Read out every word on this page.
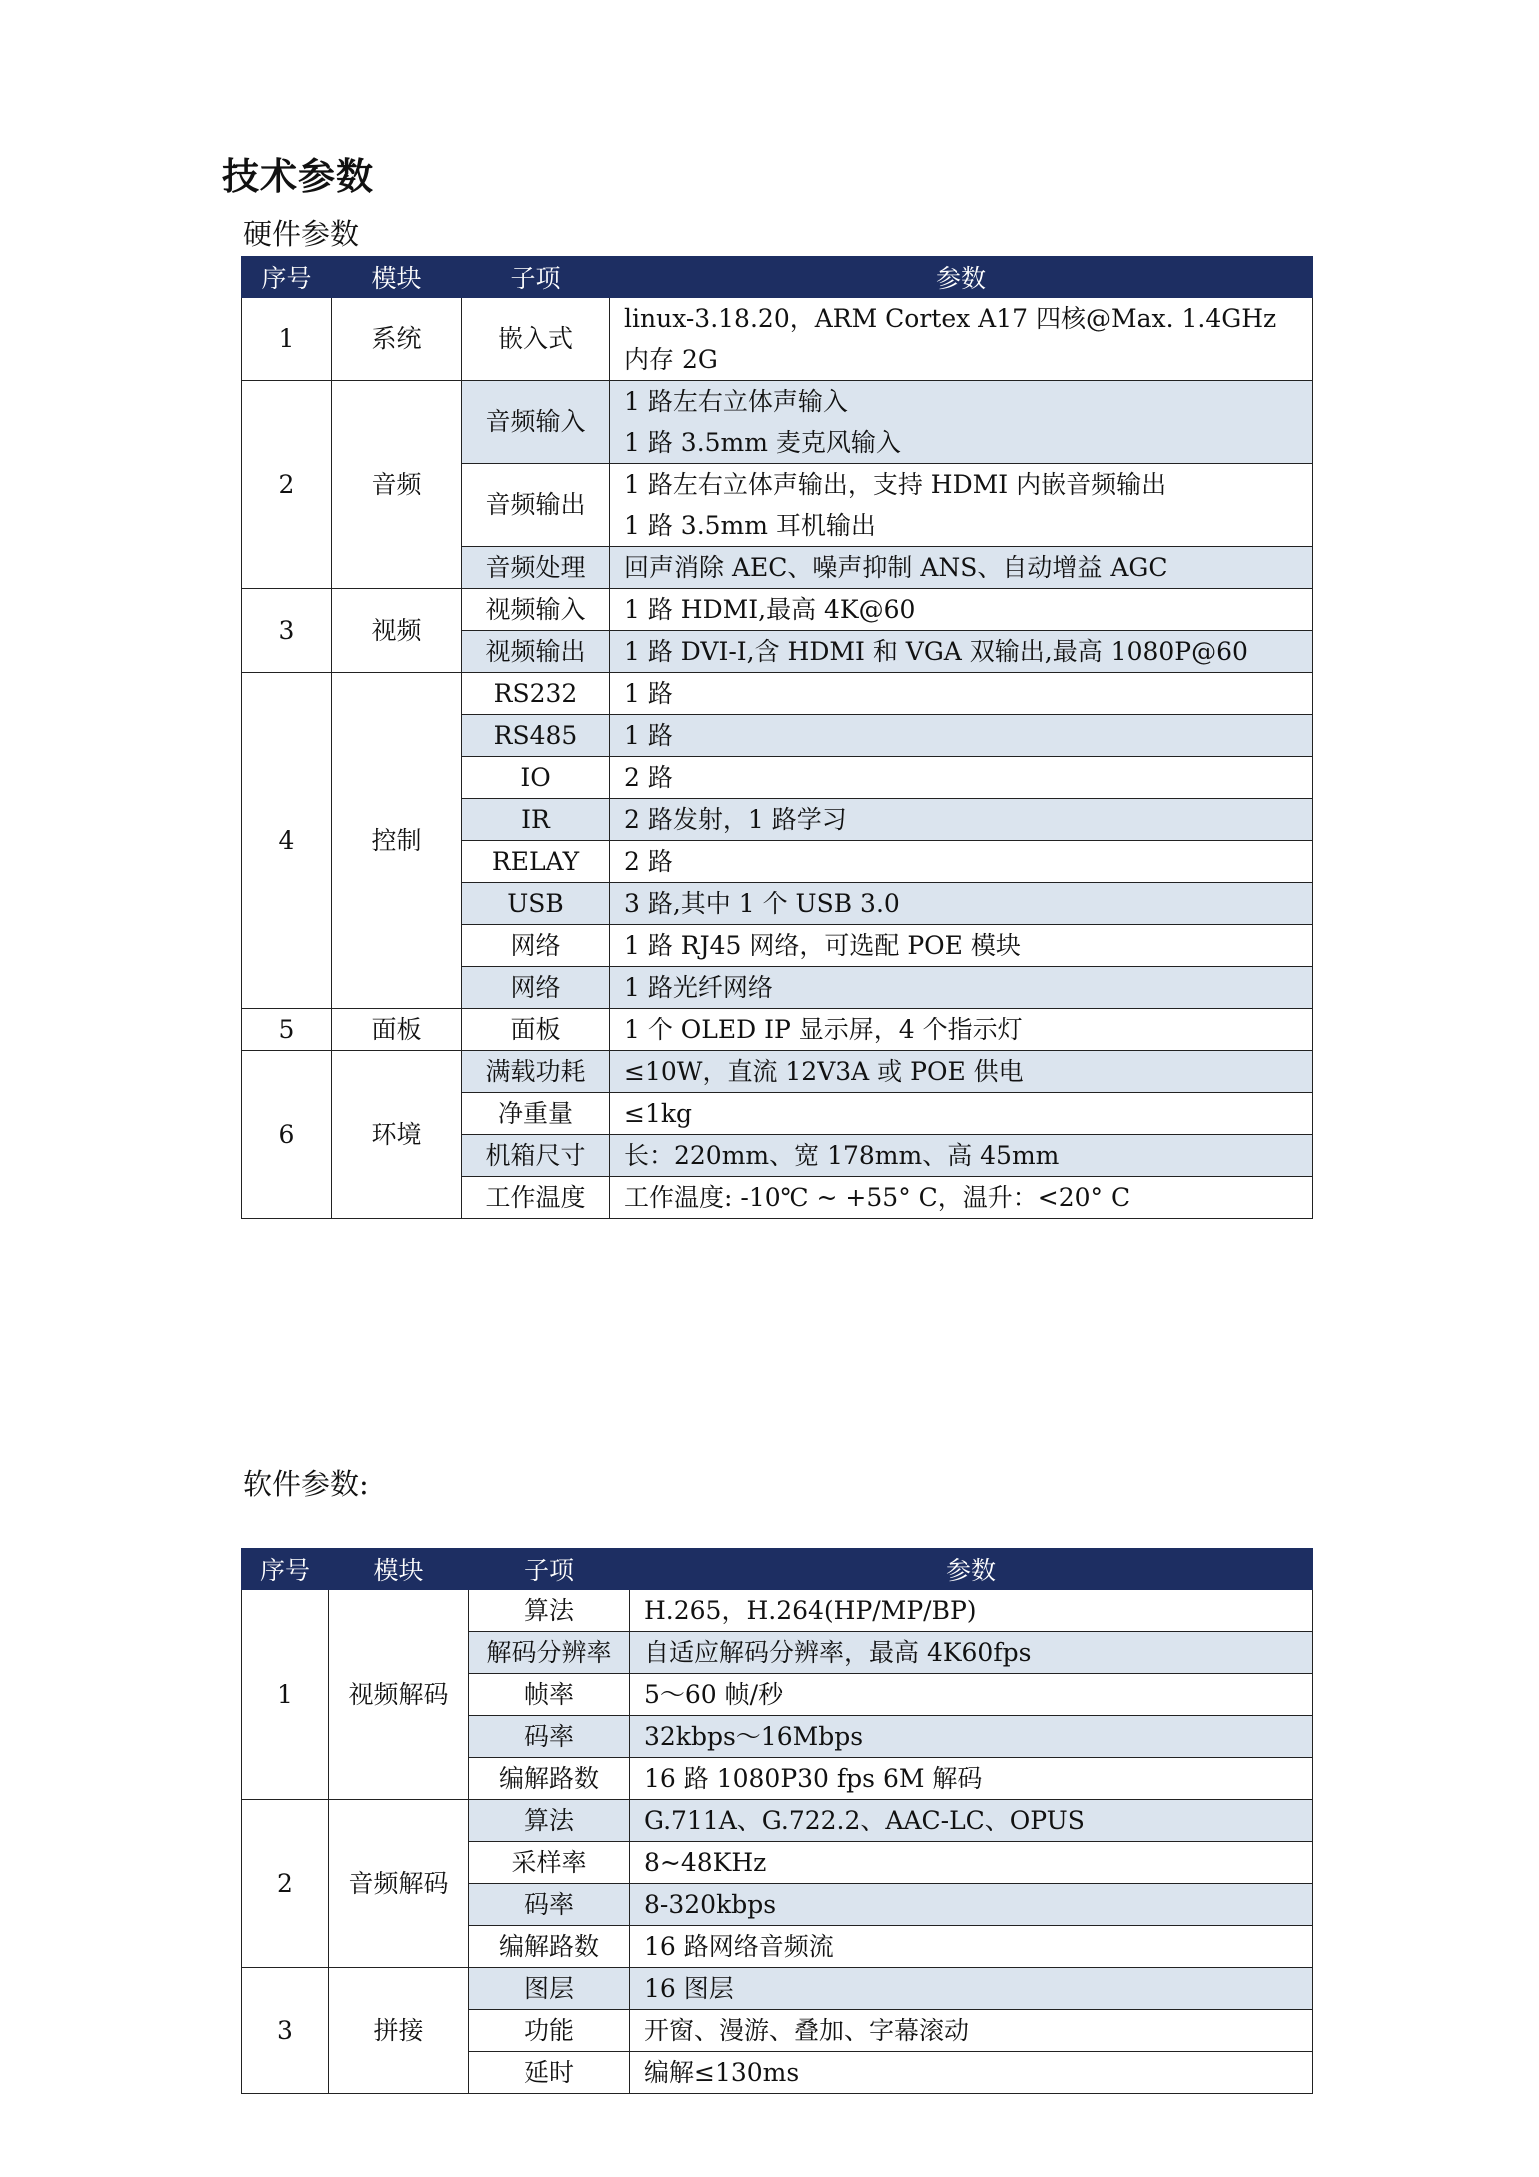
技术参数
硬件参数
序号	模块	子项	参数
1	系统	嵌入式	linux-3.18.20，ARM Cortex A17 四核@Max. 1.4GHz 内存 2G
2	音频	音频输入	1 路左右立体声输入
1 路 3.5mm 麦克风输入
		音频输出	1 路左右立体声输出，支持 HDMI 内嵌音频输出
1 路 3.5mm 耳机输出
		音频处理	回声消除 AEC、噪声抑制 ANS、自动增益 AGC
3	视频	视频输入	1 路 HDMI,最高 4K@60
		视频输出	1 路 DVI-I,含 HDMI 和 VGA 双输出,最高 1080P@60
4	控制	RS232	1 路
		RS485	1 路
		IO	2 路
		IR	2 路发射，1 路学习
		RELAY	2 路
		USB	3 路,其中 1 个 USB 3.0
		网络	1 路 RJ45 网络，可选配 POE 模块
		网络	1 路光纤网络
5	面板	面板	1 个 OLED IP 显示屏，4 个指示灯
6	环境	满载功耗	≤10W，直流 12V3A 或 POE 供电
		净重量	≤1kg
		机箱尺寸	长：220mm、宽 178mm、高 45mm
		工作温度	工作温度: -10℃ ~ +55° C，温升：<20° C
软件参数:
序号	模块	子项	参数
1	视频解码	算法	H.265，H.264(HP/MP/BP)
		解码分辨率	自适应解码分辨率，最高 4K60fps
		帧率	5～60 帧/秒
		码率	32kbps～16Mbps
		编解路数	16 路 1080P30 fps 6M 解码
2	音频解码	算法	G.711A、G.722.2、AAC-LC、OPUS
		采样率	8~48KHz
		码率	8-320kbps
		编解路数	16 路网络音频流
3	拼接	图层	16 图层
		功能	开窗、漫游、叠加、字幕滚动
		延时	编解≤130ms
